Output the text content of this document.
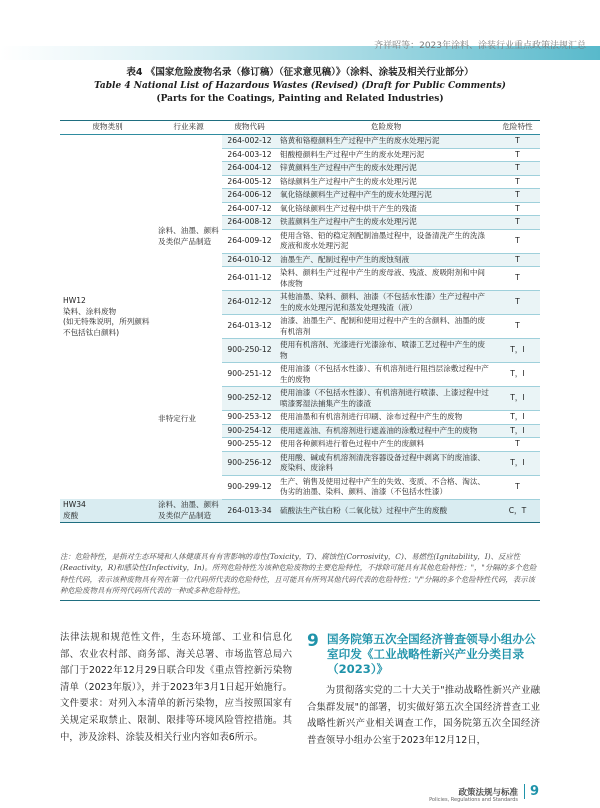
齐祥昭等：2023年涂料、涂装行业重点政策法规汇总
表4 《国家危险废物名录（修订稿）（征求意见稿）》（涂料、涂装及相关行业部分）
Table 4 National List of Hazardous Wastes (Revised) (Draft for Public Comments)
(Parts for the Coatings, Painting and Related Industries)
废物类别	行业来源	废物代码	危险废物	危险特性
HW12
染料、涂料废物
(如无特殊说明，所列颜料不包括钛白颜料)	涂料、油墨、颜料及类似产品制造	264-002-12	铬黄和铬橙颜料生产过程中产生的废水处理污泥	T
		264-003-12	钼酸橙颜料生产过程中产生的废水处理污泥	T
		264-004-12	锌黄颜料生产过程中产生的废水处理污泥	T
		264-005-12	铬绿颜料生产过程中产生的废水处理污泥	T
		264-006-12	氧化铬绿颜料生产过程中产生的废水处理污泥	T
		264-007-12	氧化铬绿颜料生产过程中烘干产生的残渣	T
		264-008-12	铁蓝颜料生产过程中产生的废水处理污泥	T
		264-009-12	使用含铬、铅的稳定剂配制油墨过程中，设备清洗产生的洗涤废液和废水处理污泥	T
		264-010-12	油墨生产、配制过程中产生的废蚀刻液	T
		264-011-12	染料、颜料生产过程中产生的废母液、残渣、废吸附剂和中间体废物	T
		264-012-12	其他油墨、染料、颜料、油漆（不包括水性漆）生产过程中产生的废水处理污泥和蒸发处理残渣（液）	T
		264-013-12	油漆、油墨生产、配制和使用过程中产生的含颜料、油墨的废有机溶剂	T
	非特定行业	900-250-12	使用有机溶剂、光漆进行光漆涂布、喷漆工艺过程中产生的废物	T，I
		900-251-12	使用油漆（不包括水性漆）、有机溶剂进行阻挡层涂敷过程中产生的废物	T，I
		900-252-12	使用油漆（不包括水性漆）、有机溶剂进行喷漆、上漆过程中过喷漆雾湿法捕集产生的漆渣	T，I
		900-253-12	使用油墨和有机溶剂进行印刷、涂布过程中产生的废物	T，I
		900-254-12	使用遮盖油、有机溶剂进行遮盖油的涂敷过程中产生的废物	T，I
		900-255-12	使用各种颜料进行着色过程中产生的废颜料	T
		900-256-12	使用酸、碱或有机溶剂清洗容器设备过程中剥离下的废油漆、废染料、废涂料	T，I
		900-299-12	生产、销售及使用过程中产生的失效、变质、不合格、淘汰、伪劣的油墨、染料、颜料、油漆（不包括水性漆）	T
HW34
废酸	涂料、油墨、颜料及类似产品制造	264-013-34	硫酸法生产钛白粉（二氧化钛）过程中产生的废酸	C，T
注：危险特性，是指对生态环境和人体健康具有有害影响的毒性(Toxicity，T)、腐蚀性(Corrosivity，C)、易燃性(Ignitability，I)、反应性(Reactivity，R)和感染性(Infectivity，In)。所列危险特性为该种危险废物的主要危险特性，不排除可能具有其他危险特性；"，"分隔的多个危险特性代码，表示该种废物具有列在第一位代码所代表的危险特性，且可能具有所列其他代码代表的危险特性；"/"分隔的多个危险特性代码，表示该种危险废物具有所列代码所代表的一种或多种危险特性。
法律法规和规范性文件，生态环境部、工业和信息化部、农业农村部、商务部、海关总署、市场监管总局六部门于2022年12月29日联合印发《重点管控新污染物清单（2023年版）》，并于2023年3月1日起开始施行。文件要求：对列入本清单的新污染物，应当按照国家有关规定采取禁止、限制、限排等环境风险管控措施。其中，涉及涂料、涂装及相关行业内容如表6所示。
9 国务院第五次全国经济普查领导小组办公室印发《工业战略性新兴产业分类目录（2023）》
为贯彻落实党的二十大关于"推动战略性新兴产业融合集群发展"的部署，切实做好第五次全国经济普查工业战略性新兴产业相关调查工作，国务院第五次全国经济普查领导小组办公室于2023年12月12日，
政策法规与标准
Policies, Regulations and Standards
9
